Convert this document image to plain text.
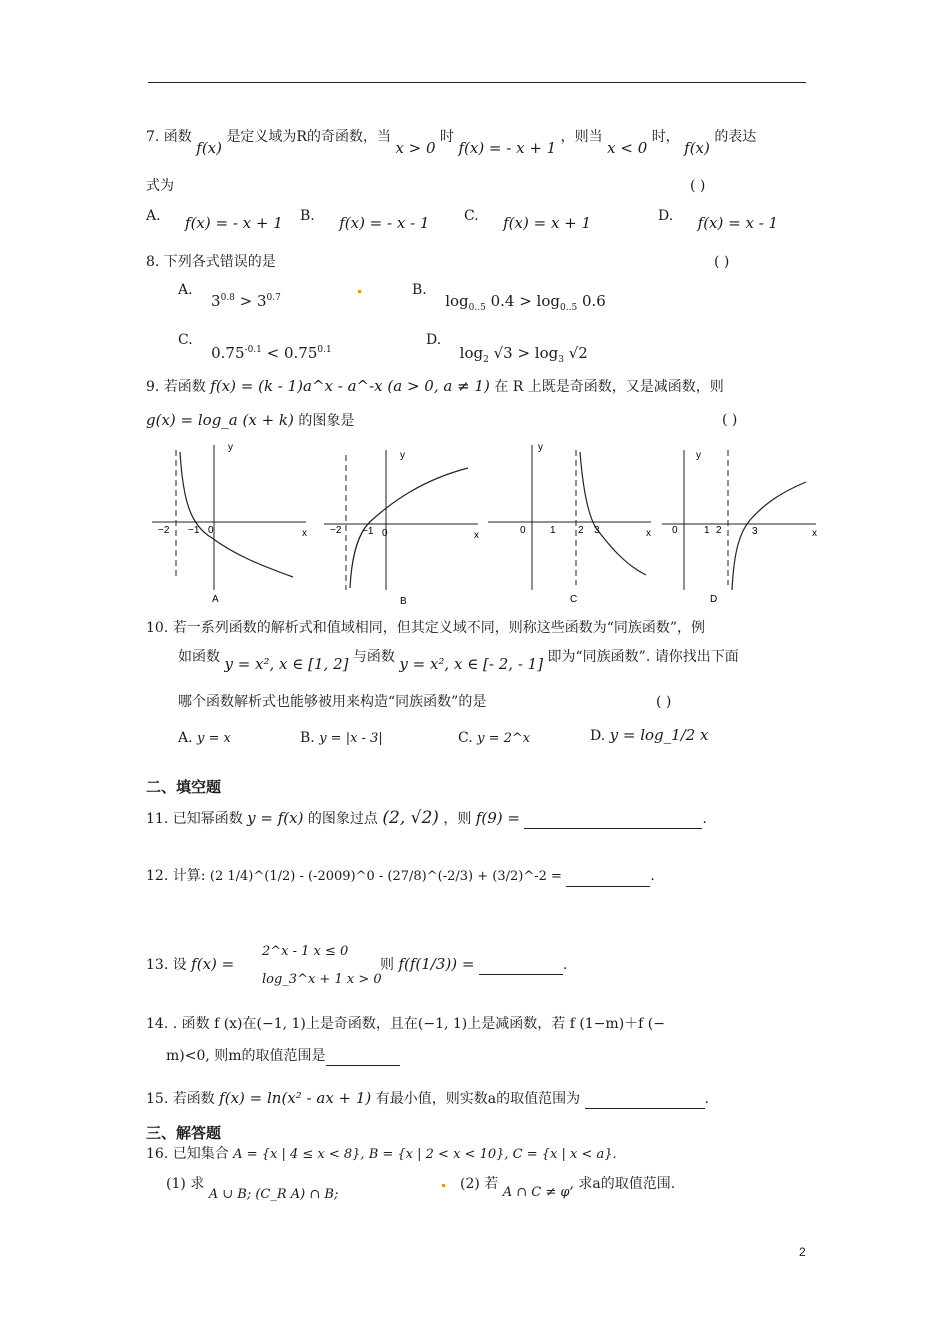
7. 函数 f(x) 是定义域为R的奇函数，当 x > 0 时 f(x) = - x + 1 ，则当 x < 0 时， f(x) 的表达
式为	( )
A. f(x) = - x + 1 B. f(x) = - x - 1 C. f(x) = x + 1	D. f(x) = x - 1
8. 下列各式错误的是	( )
A. $3^{0.8} > 3^{0.7}$	B. $\log_{0..5} 0.4 > \log_{0..5} 0.6$
C. $0.75^{-0.1} < 0.75^{0.1}$
D. $\log_2 √3 > \log_3 √2$
9. 若函数 f(x) = (k - 1)a^x - a^-x (a > 0, a ≠ 1) 在 R 上既是奇函数，又是减函数，则
g(x) = log_a (x + k) 的图象是	( )
−2 −1 0	x
y
A
−2 −1 0	x
y
B
0 1 2 3	x
y
C
0	1 2	3	x
y
D
10. 若一系列函数的解析式和值域相同，但其定义域不同，则称这些函数为“同族函数”，例
如函数 y = x², x ∈ [1, 2] 与函数 y = x², x ∈ [- 2, - 1] 即为“同族函数”. 请你找出下面
哪个函数解析式也能够被用来构造“同族函数”的是	( )
A. y = x	B. y = |x - 3|	C. y = 2^x	D. y = log_1/2 x
二、填空题
11. 已知幂函数 y = f(x) 的图象过点 (2, √2) ，则 f(9) =	.
12. 计算: (2 1/4)^(1/2) - (-2009)^0 - (27/8)^(-2/3) + (3/2)^-2 =	.
13. 设 f(x) =
2^x - 1 x ≤ 0
log_3^x + 1 x > 0
则 f(f(1/3)) =	.
14. . 函数 f (x)在(−1, 1)上是奇函数，且在(−1, 1)上是减函数，若 f (1−m)＋f (−
m)<0, 则m的取值范围是
15. 若函数 f(x) = ln(x² - ax + 1) 有最小值，则实数a的取值范围为	.
三、解答题
16. 已知集合 A = {x | 4 ≤ x < 8}, B = {x | 2 < x < 10}, C = {x | x < a}.
(1) 求 A ∪ B; (C_R A) ∩ B;
(2) 若 A ∩ C ≠ φ, 求a的取值范围.
2
